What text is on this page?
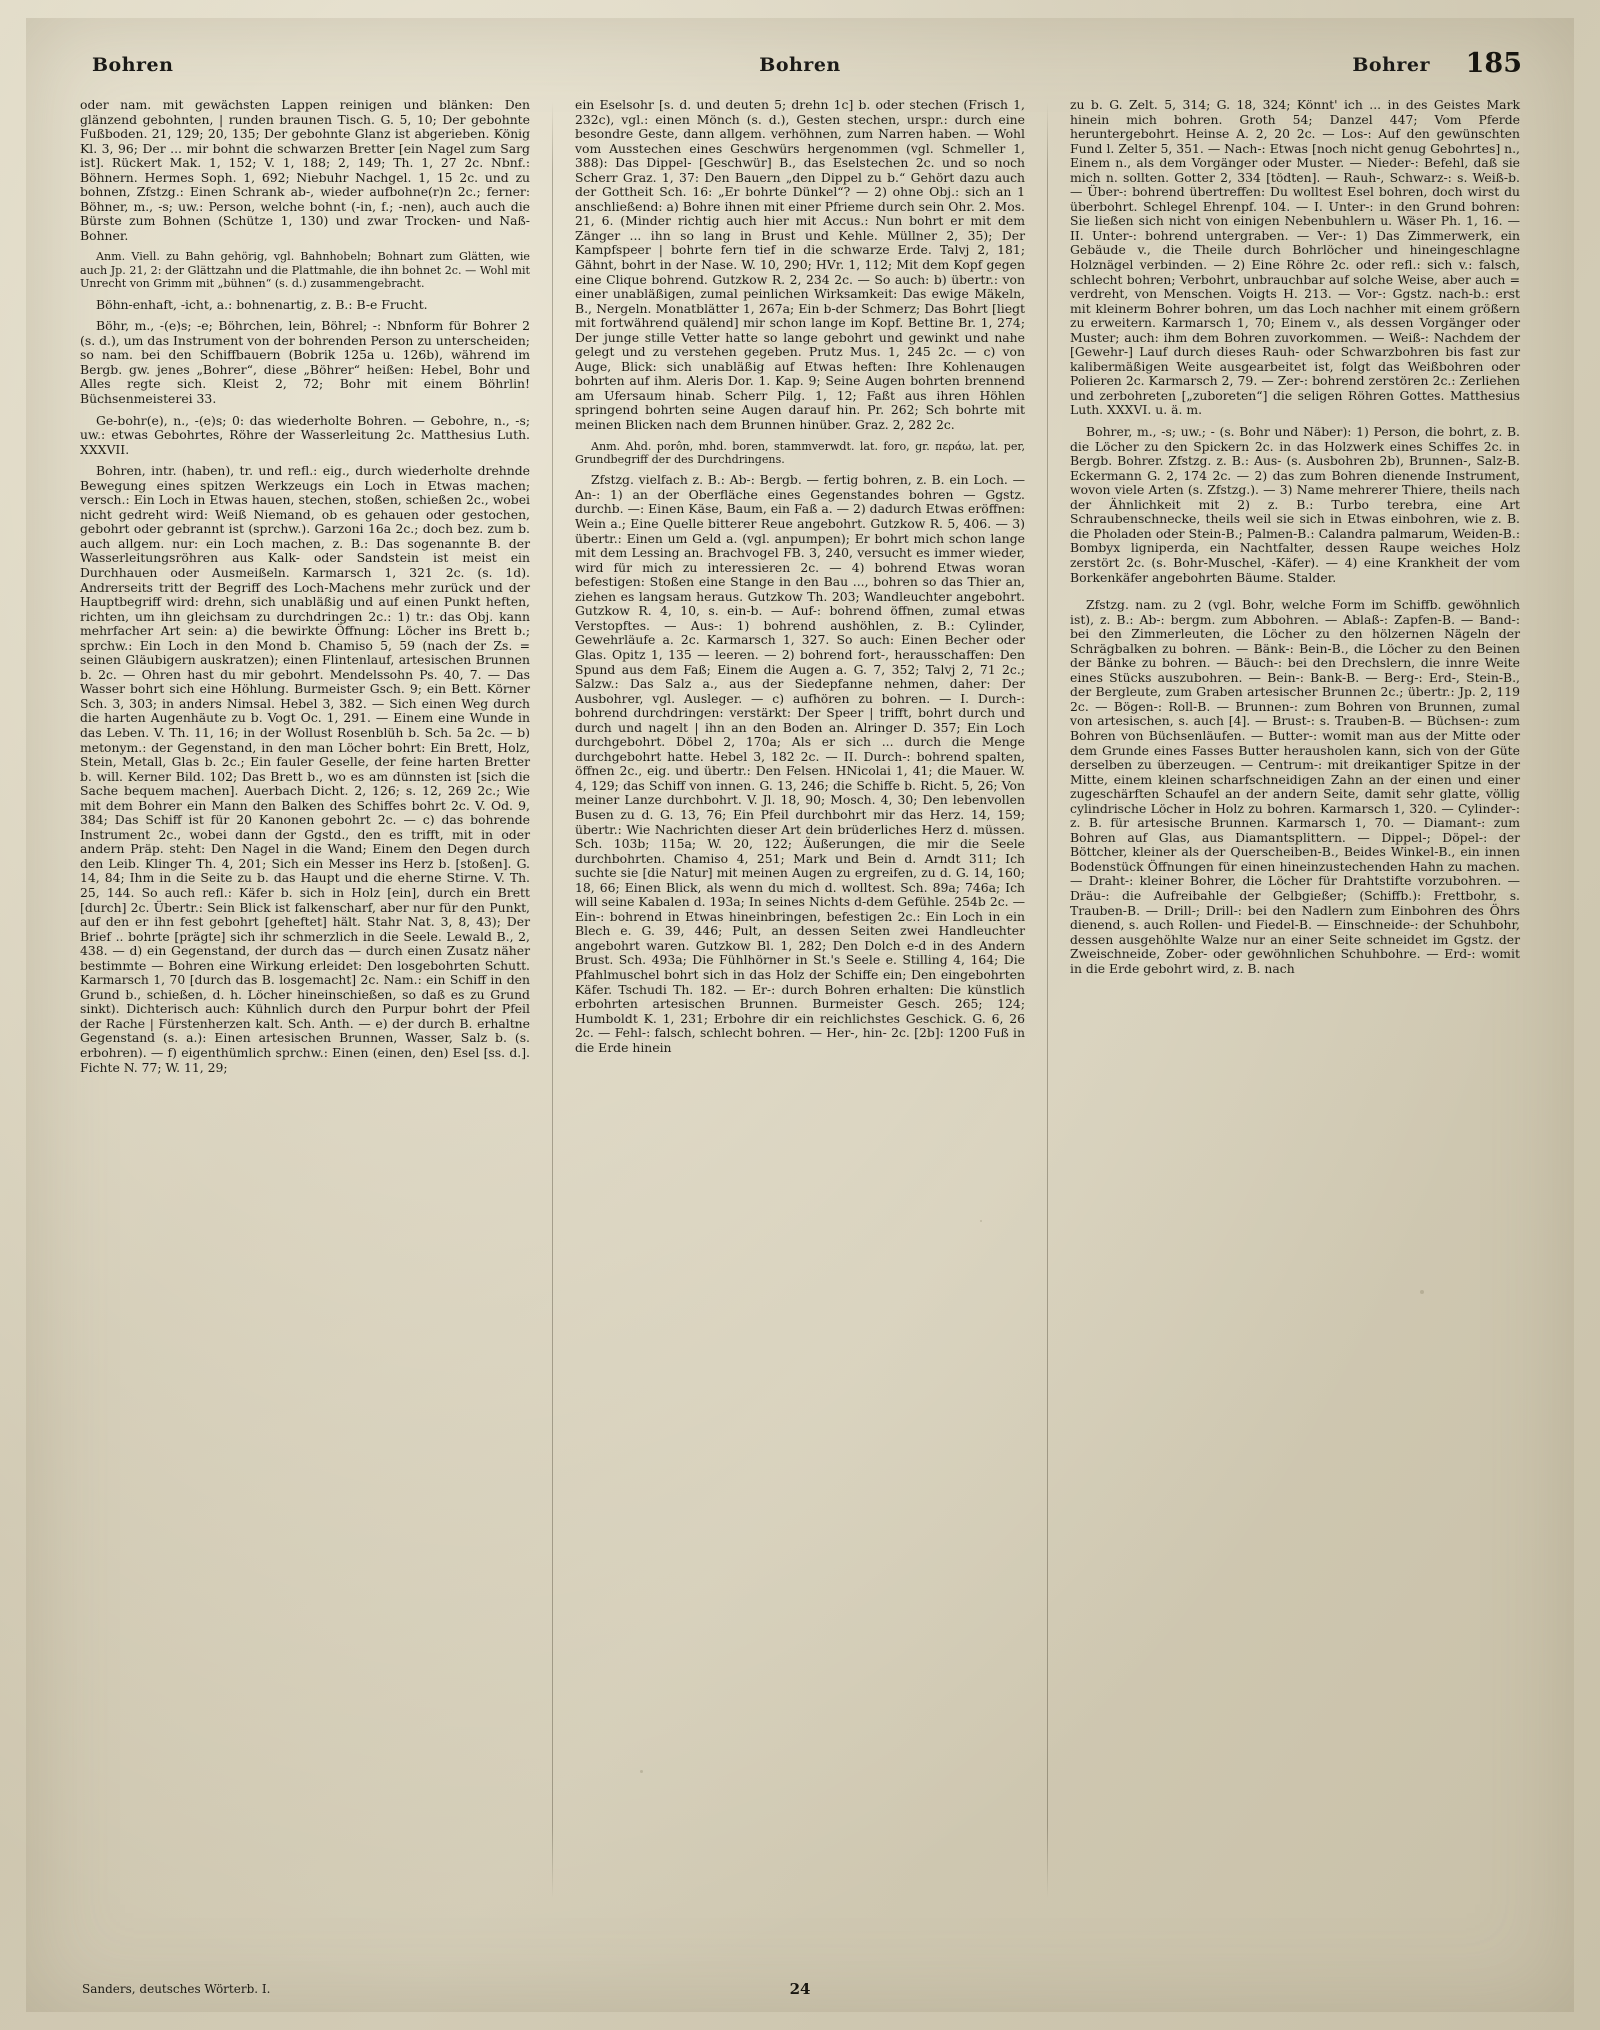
Bohren	Bohren	Bohrer 185

oder nam. mit gewächsten Lappen reinigen und blänken: Den glänzend gebohnten, | runden braunen Tisch. G. 5, 10; Der gebohnte Fußboden. 21, 129; 20, 135; Der gebohnte Glanz ist abgerieben. König Kl. 3, 96; Der ... mir bohnt die schwarzen Bretter [ein Nagel zum Sarg ist]. Rückert Mak. 1, 152; V. 1, 188; 2, 149; Th. 1, 27 2c. Nbnf.: Böhnern. Hermes Soph. 1, 692; Niebuhr Nachgel. 1, 15 2c. und zu bohnen, Zfstzg.: Einen Schrank ab-, wieder aufbohne(r)n 2c.; ferner: Böhner, m., -s; uw.: Person, welche bohnt (-in, f.; -nen), auch auch die Bürste zum Bohnen (Schütze 1, 130) und zwar Trocken- und Naß-Bohner.

Anm. Viell. zu Bahn gehörig, vgl. Bahnhobeln; Bohnart zum Glätten, wie auch Jp. 21, 2: der Glättzahn und die Plattmahle, die ihn bohnet 2c. — Wohl mit Unrecht von Grimm mit „bühnen“ (s. d.) zusammengebracht.

Böhn-enhaft, -icht, a.: bohnenartig, z. B.: B-e Frucht.

Böhr, m., -(e)s; -e; Böhrchen, lein, Böhrel; -: Nbnform für Bohrer 2 (s. d.), um das Instrument von der bohrenden Person zu unterscheiden; so nam. bei den Schiffbauern (Bobrik 125a u. 126b), während im Bergb. gw. jenes „Bohrer“, diese „Böhrer“ heißen: Hebel, Bohr und Alles regte sich. Kleist 2, 72; Bohr mit einem Böhrlin! Büchsenmeisterei 33.

Ge-bohr(e), n., -(e)s; 0: das wiederholte Bohren. — Gebohre, n., -s; uw.: etwas Gebohrtes, Röhre der Wasserleitung 2c. Matthesius Luth. XXXVII.

Bohren, intr. (haben), tr. und refl.: eig., durch wiederholte drehnde Bewegung eines spitzen Werkzeugs ein Loch in Etwas machen; versch.: Ein Loch in Etwas hauen, stechen, stoßen, schießen 2c., wobei nicht gedreht wird: Weiß Niemand, ob es gehauen oder gestochen, gebohrt oder gebrannt ist (sprchw.). Garzoni 16a 2c.; doch bez. zum b. auch allgem. nur: ein Loch machen, z. B.: Das sogenannte B. der Wasserleitungsröhren aus Kalk- oder Sandstein ist meist ein Durchhauen oder Ausmeißeln. Karmarsch 1, 321 2c. (s. 1d). Andrerseits tritt der Begriff des Loch-Machens mehr zurück und der Hauptbegriff wird: drehn, sich unabläßig und auf einen Punkt heften, richten, um ihn gleichsam zu durchdringen 2c.: 1) tr.: das Obj. kann mehrfacher Art sein: a) die bewirkte Öffnung: Löcher ins Brett b.; sprchw.: Ein Loch in den Mond b. Chamiso 5, 59 (nach der Zs. = seinen Gläubigern auskratzen); einen Flintenlauf, artesischen Brunnen b. 2c. — Ohren hast du mir gebohrt. Mendelssohn Ps. 40, 7. — Das Wasser bohrt sich eine Höhlung. Burmeister Gsch. 9; ein Bett. Körner Sch. 3, 303; in anders Nimsal. Hebel 3, 382. — Sich einen Weg durch die harten Augenhäute zu b. Vogt Oc. 1, 291. — Einem eine Wunde in das Leben. V. Th. 11, 16; in der Wollust Rosenblüh b. Sch. 5a 2c. — b) metonym.: der Gegenstand, in den man Löcher bohrt: Ein Brett, Holz, Stein, Metall, Glas b. 2c.; Ein fauler Geselle, der feine harten Bretter b. will. Kerner Bild. 102; Das Brett b., wo es am dünnsten ist [sich die Sache bequem machen]. Auerbach Dicht. 2, 126; s. 12, 269 2c.; Wie mit dem Bohrer ein Mann den Balken des Schiffes bohrt 2c. V. Od. 9, 384; Das Schiff ist für 20 Kanonen gebohrt 2c. — c) das bohrende Instrument 2c., wobei dann der Ggstd., den es trifft, mit in oder andern Präp. steht: Den Nagel in die Wand; Einem den Degen durch den Leib. Klinger Th. 4, 201; Sich ein Messer ins Herz b. [stoßen]. G. 14, 84; Ihm in die Seite zu b. das Haupt und die eherne Stirne. V. Th. 25, 144. So auch refl.: Käfer b. sich in Holz [ein], durch ein Brett [durch] 2c. Übertr.: Sein Blick ist falkenscharf, aber nur für den Punkt, auf den er ihn fest gebohrt [geheftet] hält. Stahr Nat. 3, 8, 43); Der Brief .. bohrte [prägte] sich ihr schmerzlich in die Seele. Lewald B., 2, 438. — d) ein Gegenstand, der durch das — durch einen Zusatz näher bestimmte — Bohren eine Wirkung erleidet: Den losgebohrten Schutt. Karmarsch 1, 70 [durch das B. losgemacht] 2c. Nam.: ein Schiff in den Grund b., schießen, d. h. Löcher hineinschießen, so daß es zu Grund sinkt). Dichterisch auch: Kühnlich durch den Purpur bohrt der Pfeil der Rache | Fürstenherzen kalt. Sch. Anth. — e) der durch B. erhaltne Gegenstand (s. a.): Einen artesischen Brunnen, Wasser, Salz b. (s. erbohren). — f) eigenthümlich sprchw.: Einen (einen, den) Esel [ss. d.]. Fichte N. 77; W. 11, 29;

ein Eselsohr [s. d. und deuten 5; drehn 1c] b. oder stechen (Frisch 1, 232c), vgl.: einen Mönch (s. d.), Gesten stechen, urspr.: durch eine besondre Geste, dann allgem. verhöhnen, zum Narren haben. — Wohl vom Ausstechen eines Geschwürs hergenommen (vgl. Schmeller 1, 388): Das Dippel- [Geschwür] B., das Eselstechen 2c. und so noch Scherr Graz. 1, 37: Den Bauern „den Dippel zu b.“ Gehört dazu auch der Gottheit Sch. 16: „Er bohrte Dünkel“? — 2) ohne Obj.: sich an 1 anschließend: a) Bohre ihnen mit einer Pfrieme durch sein Ohr. 2. Mos. 21, 6. (Minder richtig auch hier mit Accus.: Nun bohrt er mit dem Zänger ... ihn so lang in Brust und Kehle. Müllner 2, 35); Der Kampfspeer | bohrte fern tief in die schwarze Erde. Talvj 2, 181; Gähnt, bohrt in der Nase. W. 10, 290; HVr. 1, 112; Mit dem Kopf gegen eine Clique bohrend. Gutzkow R. 2, 234 2c. — So auch: b) übertr.: von einer unabläßigen, zumal peinlichen Wirksamkeit: Das ewige Mäkeln, B., Nergeln. Monatblätter 1, 267a; Ein b-der Schmerz; Das Bohrt [liegt mit fortwährend quälend] mir schon lange im Kopf. Bettine Br. 1, 274; Der junge stille Vetter hatte so lange gebohrt und gewinkt und nahe gelegt und zu verstehen gegeben. Prutz Mus. 1, 245 2c. — c) von Auge, Blick: sich unabläßig auf Etwas heften: Ihre Kohlenaugen bohrten auf ihm. Aleris Dor. 1. Kap. 9; Seine Augen bohrten brennend am Ufersaum hinab. Scherr Pilg. 1, 12; Faßt aus ihren Höhlen springend bohrten seine Augen darauf hin. Pr. 262; Sch bohrte mit meinen Blicken nach dem Brunnen hinüber. Graz. 2, 282 2c.

Anm. Ahd. porôn, mhd. boren, stammverwdt. lat. foro, gr. περάω, lat. per, Grundbegriff der des Durchdringens.

Zfstzg. vielfach z. B.: Ab-: Bergb. — fertig bohren, z. B. ein Loch. — An-: 1) an der Oberfläche eines Gegenstandes bohren — Ggstz. durchb. —: Einen Käse, Baum, ein Faß a. — 2) dadurch Etwas eröffnen: Wein a.; Eine Quelle bitterer Reue angebohrt. Gutzkow R. 5, 406. — 3) übertr.: Einen um Geld a. (vgl. anpumpen); Er bohrt mich schon lange mit dem Lessing an. Brachvogel FB. 3, 240, versucht es immer wieder, wird für mich zu interessieren 2c. — 4) bohrend Etwas woran befestigen: Stoßen eine Stange in den Bau ..., bohren so das Thier an, ziehen es langsam heraus. Gutzkow Th. 203; Wandleuchter angebohrt. Gutzkow R. 4, 10, s. ein-b. — Auf-: bohrend öffnen, zumal etwas Verstopftes. — Aus-: 1) bohrend aushöhlen, z. B.: Cylinder, Gewehrläufe a. 2c. Karmarsch 1, 327. So auch: Einen Becher oder Glas. Opitz 1, 135 — leeren. — 2) bohrend fort-, herausschaffen: Den Spund aus dem Faß; Einem die Augen a. G. 7, 352; Talvj 2, 71 2c.; Salzw.: Das Salz a., aus der Siedepfanne nehmen, daher: Der Ausbohrer, vgl. Ausleger. — c) aufhören zu bohren. — I. Durch-: bohrend durchdringen: verstärkt: Der Speer | trifft, bohrt durch und durch und nagelt | ihn an den Boden an. Alringer D. 357; Ein Loch durchgebohrt. Döbel 2, 170a; Als er sich ... durch die Menge durchgebohrt hatte. Hebel 3, 182 2c. — II. Durch-: bohrend spalten, öffnen 2c., eig. und übertr.: Den Felsen. HNicolai 1, 41; die Mauer. W. 4, 129; das Schiff von innen. G. 13, 246; die Schiffe b. Richt. 5, 26; Von meiner Lanze durchbohrt. V. Jl. 18, 90; Mosch. 4, 30; Den lebenvollen Busen zu d. G. 13, 76; Ein Pfeil durchbohrt mir das Herz. 14, 159; übertr.: Wie Nachrichten dieser Art dein brüderliches Herz d. müssen. Sch. 103b; 115a; W. 20, 122; Äußerungen, die mir die Seele durchbohrten. Chamiso 4, 251; Mark und Bein d. Arndt 311; Ich suchte sie [die Natur] mit meinen Augen zu ergreifen, zu d. G. 14, 160; 18, 66; Einen Blick, als wenn du mich d. wolltest. Sch. 89a; 746a; Ich will seine Kabalen d. 193a; In seines Nichts d-dem Gefühle. 254b 2c. — Ein-: bohrend in Etwas hineinbringen, befestigen 2c.: Ein Loch in ein Blech e. G. 39, 446; Pult, an dessen Seiten zwei Handleuchter angebohrt waren. Gutzkow Bl. 1, 282; Den Dolch e-d in des Andern Brust. Sch. 493a; Die Fühlhörner in St.'s Seele e. Stilling 4, 164; Die Pfahlmuschel bohrt sich in das Holz der Schiffe ein; Den eingebohrten Käfer. Tschudi Th. 182. — Er-: durch Bohren erhalten: Die künstlich erbohrten artesischen Brunnen. Burmeister Gesch. 265; 124; Humboldt K. 1, 231; Erbohre dir ein reichlichstes Geschick. G. 6, 26 2c. — Fehl-: falsch, schlecht bohren. — Her-, hin- 2c. [2b]: 1200 Fuß in die Erde hinein

zu b. G. Zelt. 5, 314; G. 18, 324; Könnt' ich ... in des Geistes Mark hinein mich bohren. Groth 54; Danzel 447; Vom Pferde heruntergebohrt. Heinse A. 2, 20 2c. — Los-: Auf den gewünschten Fund l. Zelter 5, 351. — Nach-: Etwas [noch nicht genug Gebohrtes] n., Einem n., als dem Vorgänger oder Muster. — Nieder-: Befehl, daß sie mich n. sollten. Gotter 2, 334 [tödten]. — Rauh-, Schwarz-: s. Weiß-b. — Über-: bohrend übertreffen: Du wolltest Esel bohren, doch wirst du überbohrt. Schlegel Ehrenpf. 104. — I. Unter-: in den Grund bohren: Sie ließen sich nicht von einigen Nebenbuhlern u. Wäser Ph. 1, 16. — II. Unter-: bohrend untergraben. — Ver-: 1) Das Zimmerwerk, ein Gebäude v., die Theile durch Bohrlöcher und hineingeschlagne Holznägel verbinden. — 2) Eine Röhre 2c. oder refl.: sich v.: falsch, schlecht bohren; Verbohrt, unbrauchbar auf solche Weise, aber auch = verdreht, von Menschen. Voigts H. 213. — Vor-: Ggstz. nach-b.: erst mit kleinerm Bohrer bohren, um das Loch nachher mit einem größern zu erweitern. Karmarsch 1, 70; Einem v., als dessen Vorgänger oder Muster; auch: ihm dem Bohren zuvorkommen. — Weiß-: Nachdem der [Gewehr-] Lauf durch dieses Rauh- oder Schwarzbohren bis fast zur kalibermäßigen Weite ausgearbeitet ist, folgt das Weißbohren oder Polieren 2c. Karmarsch 2, 79. — Zer-: bohrend zerstören 2c.: Zerliehen und zerbohreten [„zuboreten“] die seligen Röhren Gottes. Matthesius Luth. XXXVI. u. ä. m.

Bohrer, m., -s; uw.; - (s. Bohr und Näber): 1) Person, die bohrt, z. B. die Löcher zu den Spickern 2c. in das Holzwerk eines Schiffes 2c. in Bergb. Bohrer. Zfstzg. z. B.: Aus- (s. Ausbohren 2b), Brunnen-, Salz-B. Eckermann G. 2, 174 2c. — 2) das zum Bohren dienende Instrument, wovon viele Arten (s. Zfstzg.). — 3) Name mehrerer Thiere, theils nach der Ähnlichkeit mit 2) z. B.: Turbo terebra, eine Art Schraubenschnecke, theils weil sie sich in Etwas einbohren, wie z. B. die Pholaden oder Stein-B.; Palmen-B.: Calandra palmarum, Weiden-B.: Bombyx ligniperda, ein Nachtfalter, dessen Raupe weiches Holz zerstört 2c. (s. Bohr-Muschel, -Käfer). — 4) eine Krankheit der vom Borkenkäfer angebohrten Bäume. Stalder.

Zfstzg. nam. zu 2 (vgl. Bohr, welche Form im Schiffb. gewöhnlich ist), z. B.: Ab-: bergm. zum Abbohren. — Ablaß-: Zapfen-B. — Band-: bei den Zimmerleuten, die Löcher zu den hölzernen Nägeln der Schrägbalken zu bohren. — Bänk-: Bein-B., die Löcher zu den Beinen der Bänke zu bohren. — Bäuch-: bei den Drechslern, die innre Weite eines Stücks auszubohren. — Bein-: Bank-B. — Berg-: Erd-, Stein-B., der Bergleute, zum Graben artesischer Brunnen 2c.; übertr.: Jp. 2, 119 2c. — Bögen-: Roll-B. — Brunnen-: zum Bohren von Brunnen, zumal von artesischen, s. auch [4]. — Brust-: s. Trauben-B. — Büchsen-: zum Bohren von Büchsenläufen. — Butter-: womit man aus der Mitte oder dem Grunde eines Fasses Butter herausholen kann, sich von der Güte derselben zu überzeugen. — Centrum-: mit dreikantiger Spitze in der Mitte, einem kleinen scharfschneidigen Zahn an der einen und einer zugeschärften Schaufel an der andern Seite, damit sehr glatte, völlig cylindrische Löcher in Holz zu bohren. Karmarsch 1, 320. — Cylinder-: z. B. für artesische Brunnen. Karmarsch 1, 70. — Diamant-: zum Bohren auf Glas, aus Diamantsplittern. — Dippel-; Döpel-: der Böttcher, kleiner als der Querscheiben-B., Beides Winkel-B., ein innen Bodenstück Öffnungen für einen hineinzustechenden Hahn zu machen. — Draht-: kleiner Bohrer, die Löcher für Drahtstifte vorzubohren. — Dräu-: die Aufreibahle der Gelbgießer; (Schiffb.): Frettbohr, s. Trauben-B. — Drill-; Drill-: bei den Nadlern zum Einbohren des Öhrs dienend, s. auch Rollen- und Fiedel-B. — Einschneide-: der Schuhbohr, dessen ausgehöhlte Walze nur an einer Seite schneidet im Ggstz. der Zweischneide, Zober- oder gewöhnlichen Schuhbohre. — Erd-: womit in die Erde gebohrt wird, z. B. nach

Sanders, deutsches Wörterb. I.	24
